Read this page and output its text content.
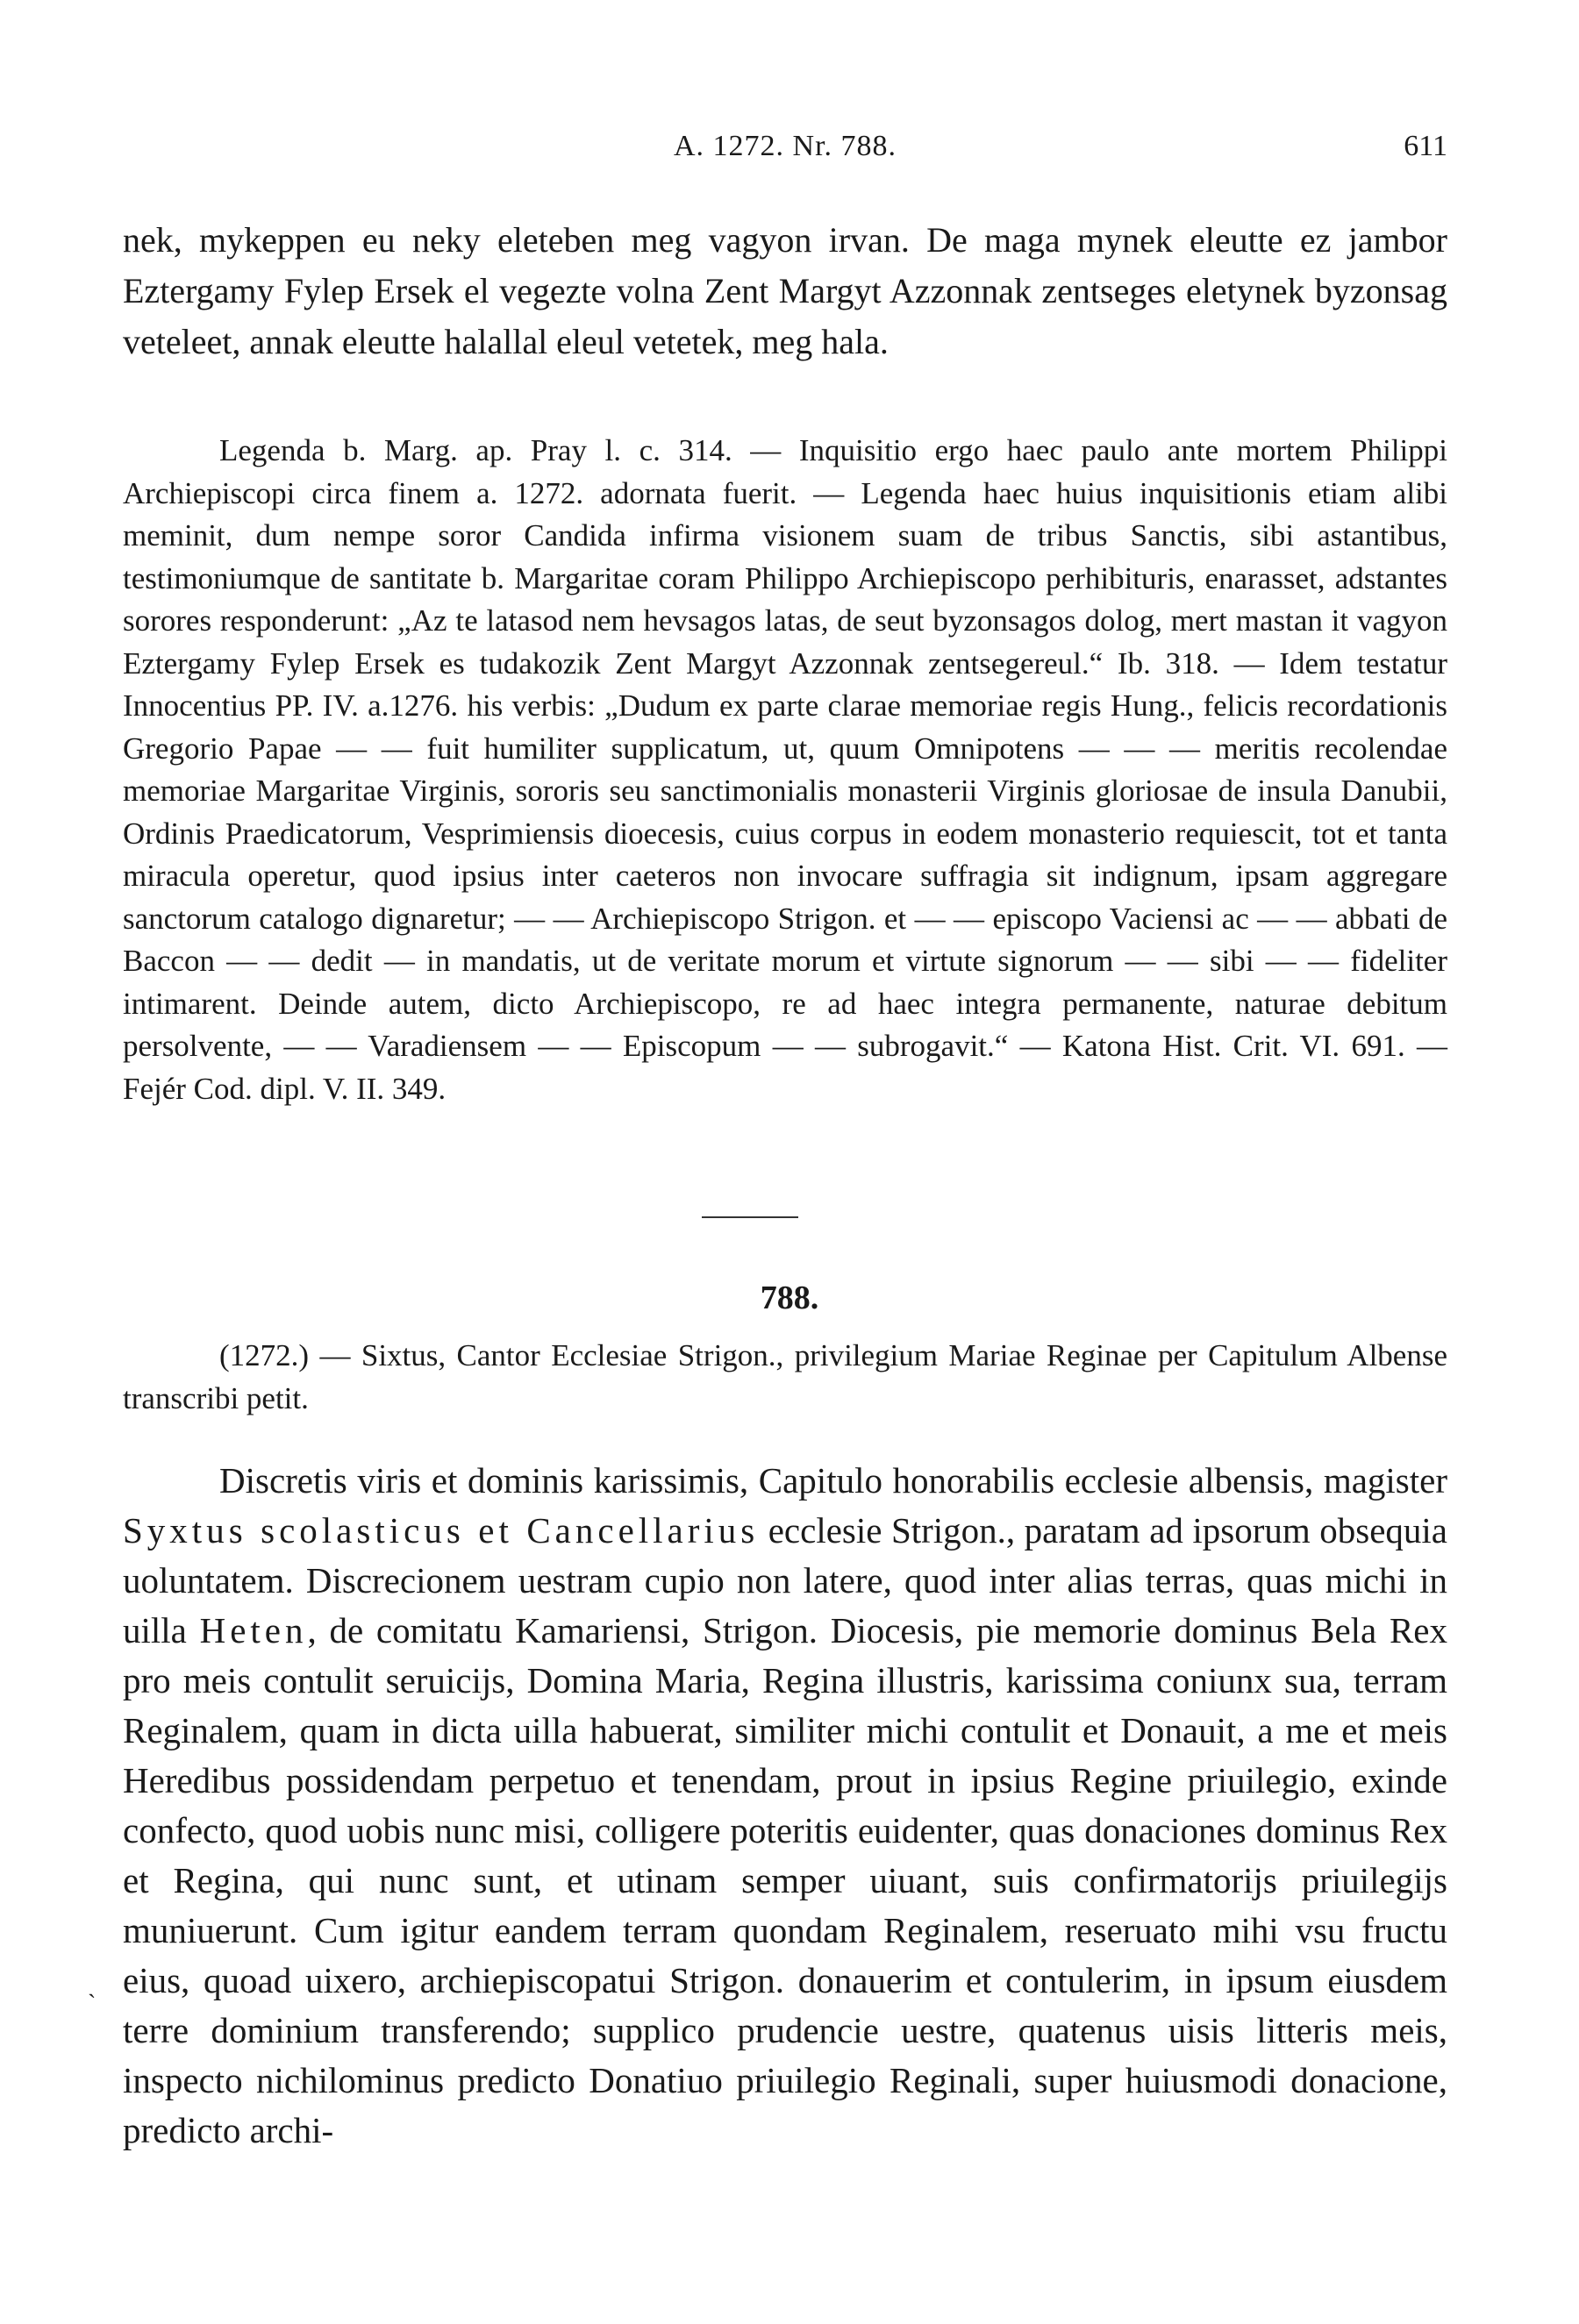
A. 1272. Nr. 788.	611

nek, mykeppen eu neky eleteben meg vagyon irvan. De maga mynek eleutte ez jambor Eztergamy Fylep Ersek el vegezte volna Zent Margyt Azzonnak zentseges eletynek byzonsag veteleet, annak eleutte halallal eleul vetetek, meg hala.

Legenda b. Marg. ap. Pray l. c. 314. — Inquisitio ergo haec paulo ante mortem Philippi Archiepiscopi circa finem a. 1272. adornata fuerit. — Legenda haec huius inquisitionis etiam alibi meminit, dum nempe soror Candida infirma visionem suam de tribus Sanctis, sibi astantibus, testimoniumque de santitate b. Margaritae coram Philippo Archiepiscopo perhibituris, enarasset, adstantes sorores responderunt: „Az te latasod nem hevsagos latas, de seut byzonsagos dolog, mert mastan it vagyon Eztergamy Fylep Ersek es tudakozik Zent Margyt Azzonnak zentsegereul.“ Ib. 318. — Idem testatur Innocentius PP. IV. a.1276. his verbis: „Dudum ex parte clarae memoriae regis Hung., felicis recordationis Gregorio Papae — — fuit humiliter supplicatum, ut, quum Omnipotens — — — meritis recolendae memoriae Margaritae Virginis, sororis seu sanctimonialis monasterii Virginis gloriosae de insula Danubii, Ordinis Praedicatorum, Vesprimiensis dioecesis, cuius corpus in eodem monasterio requiescit, tot et tanta miracula operetur, quod ipsius inter caeteros non invocare suffragia sit indignum, ipsam aggregare sanctorum catalogo dignaretur; — — Archiepiscopo Strigon. et — — episcopo Vaciensi ac — — abbati de Baccon — — dedit — in mandatis, ut de veritate morum et virtute signorum — — sibi — — fideliter intimarent. Deinde autem, dicto Archiepiscopo, re ad haec integra permanente, naturae debitum persolvente, — — Varadiensem — — Episcopum — — subrogavit.“ — Katona Hist. Crit. VI. 691. — Fejér Cod. dipl. V. II. 349.

788.

(1272.) — Sixtus, Cantor Ecclesiae Strigon., privilegium Mariae Reginae per Capitulum Albense transcribi petit.

Discretis viris et dominis karissimis, Capitulo honorabilis ecclesie albensis, magister Syxtus scolasticus et Cancellarius ecclesie Strigon., paratam ad ipsorum obsequia uoluntatem. Discrecionem uestram cupio non latere, quod inter alias terras, quas michi in uilla Heten, de comitatu Kamariensi, Strigon. Diocesis, pie memorie dominus Bela Rex pro meis contulit seruicijs, Domina Maria, Regina illustris, karissima coniunx sua, terram Reginalem, quam in dicta uilla habuerat, similiter michi contulit et Donauit, a me et meis Heredibus possidendam perpetuo et tenendam, prout in ipsius Regine priuilegio, exinde confecto, quod uobis nunc misi, colligere poteritis euidenter, quas donaciones dominus Rex et Regina, qui nunc sunt, et utinam semper uiuant, suis confirmatorijs priuilegijs muniuerunt. Cum igitur eandem terram quondam Reginalem, reseruato mihi vsu fructu eius, quoad uixero, archiepiscopatui Strigon. donauerim et contulerim, in ipsum eiusdem terre dominium transferendo; supplico prudencie uestre, quatenus uisis litteris meis, inspecto nichilominus predicto Donatiuo priuilegio Reginali, super huiusmodi donacione, predicto archi-

ˎ
